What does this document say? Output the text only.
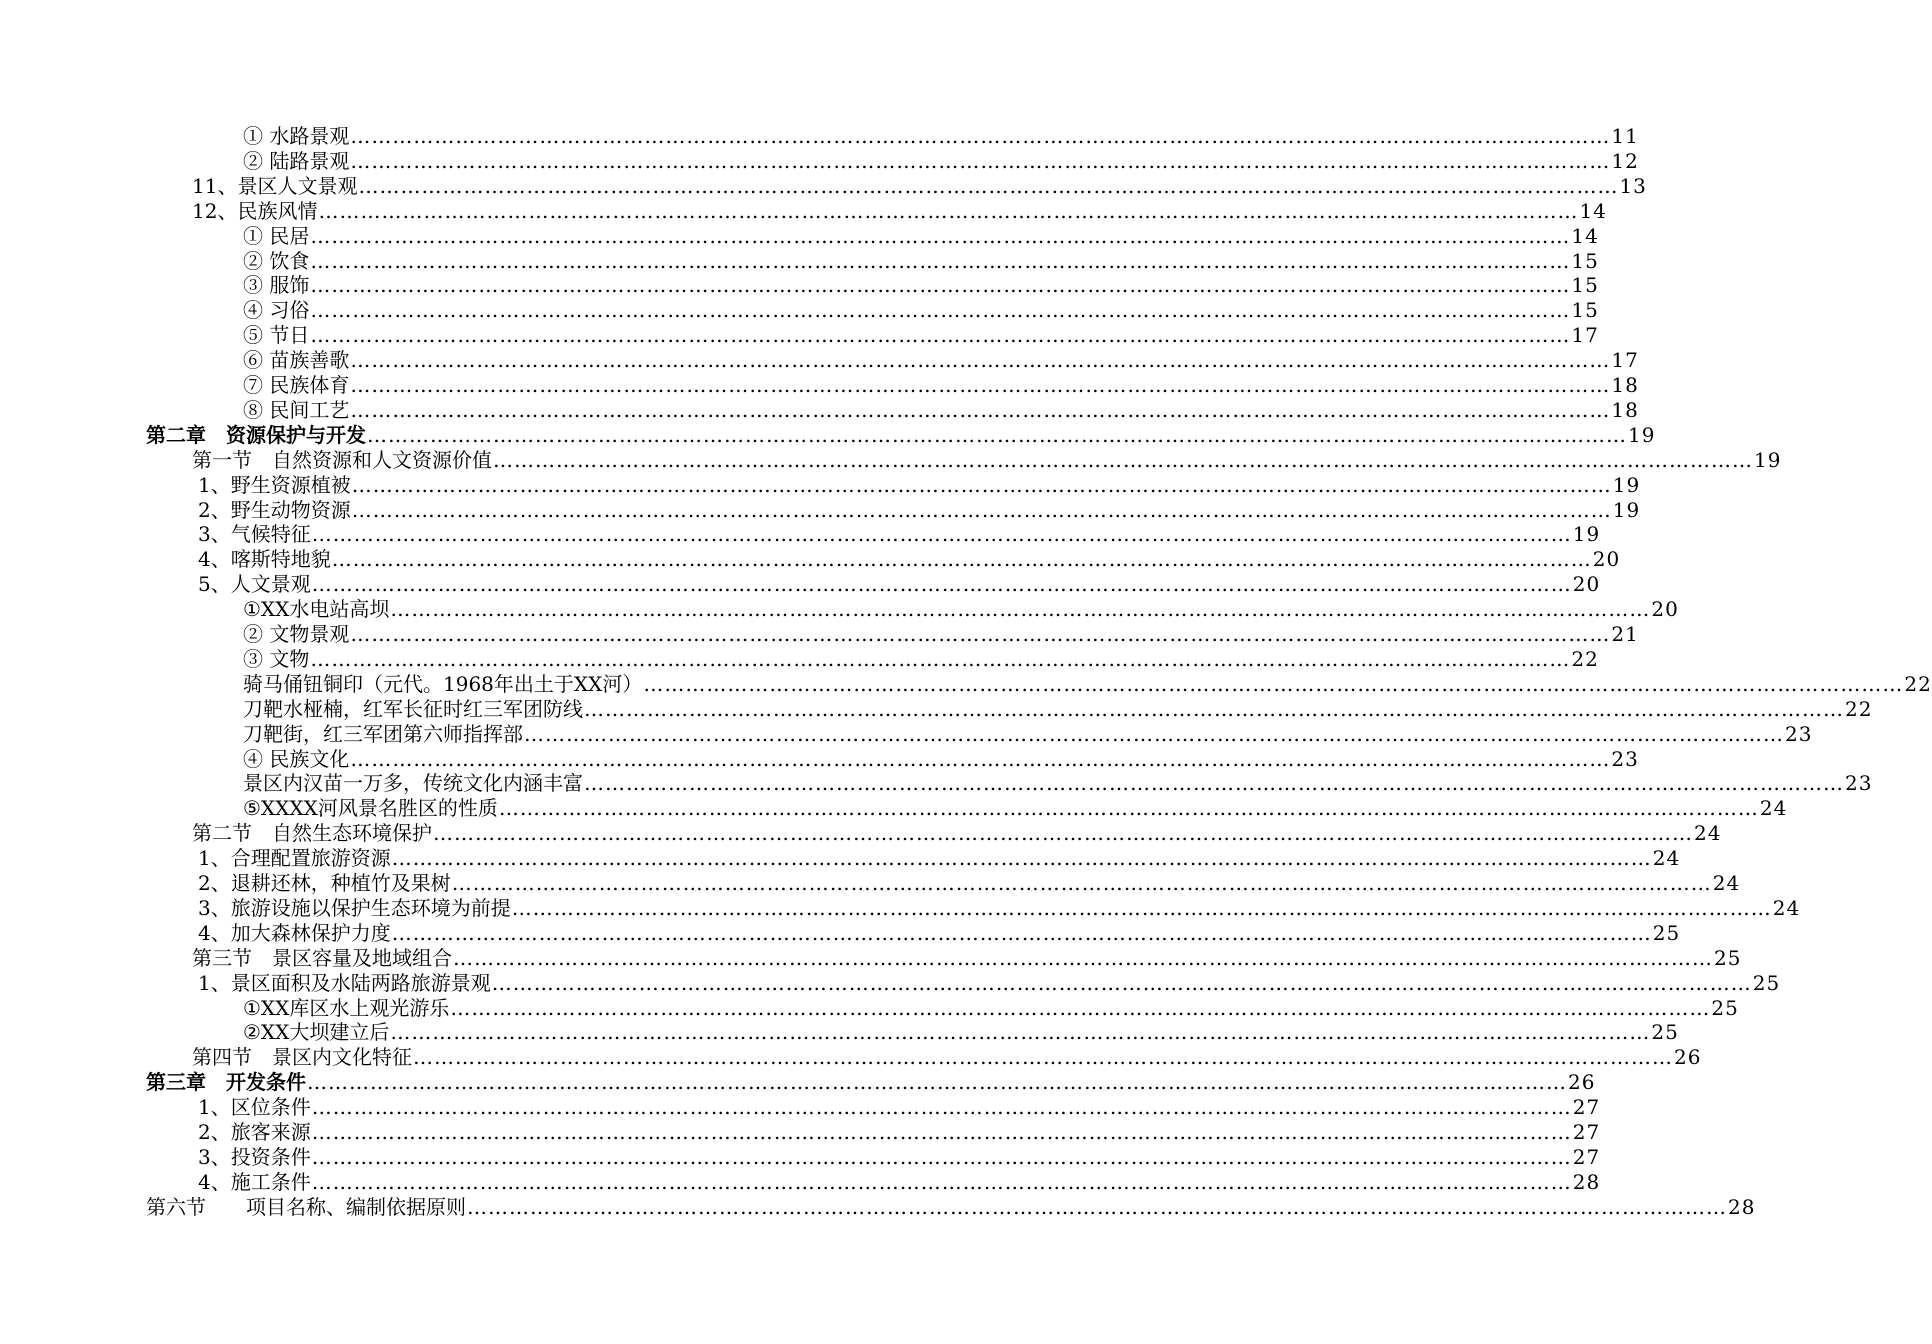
① 水路景观 ……………………………………………………………………………………………………………………………………………………………… 11
② 陆路景观 ……………………………………………………………………………………………………………………………………………………………… 12
11、景区人文景观 ……………………………………………………………………………………………………………………………………………………………… 13
12、民族风情 ……………………………………………………………………………………………………………………………………………………………… 14
① 民居 ……………………………………………………………………………………………………………………………………………………………… 14
② 饮食 ……………………………………………………………………………………………………………………………………………………………… 15
③ 服饰 ……………………………………………………………………………………………………………………………………………………………… 15
④ 习俗 ……………………………………………………………………………………………………………………………………………………………… 15
⑤ 节日 ……………………………………………………………………………………………………………………………………………………………… 17
⑥ 苗族善歌 ……………………………………………………………………………………………………………………………………………………………… 17
⑦ 民族体育 ……………………………………………………………………………………………………………………………………………………………… 18
⑧ 民间工艺 ……………………………………………………………………………………………………………………………………………………………… 18
第二章　资源保护与开发 ……………………………………………………………………………………………………………………………………………………………… 19
第一节　自然资源和人文资源价值 ……………………………………………………………………………………………………………………………………………………………… 19
1、野生资源植被 ……………………………………………………………………………………………………………………………………………………………… 19
2、野生动物资源 ……………………………………………………………………………………………………………………………………………………………… 19
3、气候特征 ……………………………………………………………………………………………………………………………………………………………… 19
4、喀斯特地貌 ……………………………………………………………………………………………………………………………………………………………… 20
5、人文景观 ……………………………………………………………………………………………………………………………………………………………… 20
①XX水电站高坝 ……………………………………………………………………………………………………………………………………………………………… 20
② 文物景观 ……………………………………………………………………………………………………………………………………………………………… 21
③ 文物 ……………………………………………………………………………………………………………………………………………………………… 22
骑马俑钮铜印（元代。1968年出土于XX河） ……………………………………………………………………………………………………………………………………………………………… 22
刀靶水桠楠，红军长征时红三军团防线 ……………………………………………………………………………………………………………………………………………………………… 22
刀靶街，红三军团第六师指挥部 ……………………………………………………………………………………………………………………………………………………………… 23
④ 民族文化 ……………………………………………………………………………………………………………………………………………………………… 23
景区内汉苗一万多，传统文化内涵丰富 ……………………………………………………………………………………………………………………………………………………………… 23
⑤XXXX河风景名胜区的性质 ……………………………………………………………………………………………………………………………………………………………… 24
第二节　自然生态环境保护 ……………………………………………………………………………………………………………………………………………………………… 24
1、合理配置旅游资源 ……………………………………………………………………………………………………………………………………………………………… 24
2、退耕还林，种植竹及果树 ……………………………………………………………………………………………………………………………………………………………… 24
3、旅游设施以保护生态环境为前提 ……………………………………………………………………………………………………………………………………………………………… 24
4、加大森林保护力度 ……………………………………………………………………………………………………………………………………………………………… 25
第三节　景区容量及地域组合 ……………………………………………………………………………………………………………………………………………………………… 25
1、景区面积及水陆两路旅游景观 ……………………………………………………………………………………………………………………………………………………………… 25
①XX库区水上观光游乐 ……………………………………………………………………………………………………………………………………………………………… 25
②XX大坝建立后 ……………………………………………………………………………………………………………………………………………………………… 25
第四节　景区内文化特征 ……………………………………………………………………………………………………………………………………………………………… 26
第三章　开发条件 ……………………………………………………………………………………………………………………………………………………………… 26
1、区位条件 ……………………………………………………………………………………………………………………………………………………………… 27
2、旅客来源 ……………………………………………………………………………………………………………………………………………………………… 27
3、投资条件 ……………………………………………………………………………………………………………………………………………………………… 27
4、施工条件 ……………………………………………………………………………………………………………………………………………………………… 28
第六节　　项目名称、编制依据原则 ……………………………………………………………………………………………………………………………………………………………… 28
